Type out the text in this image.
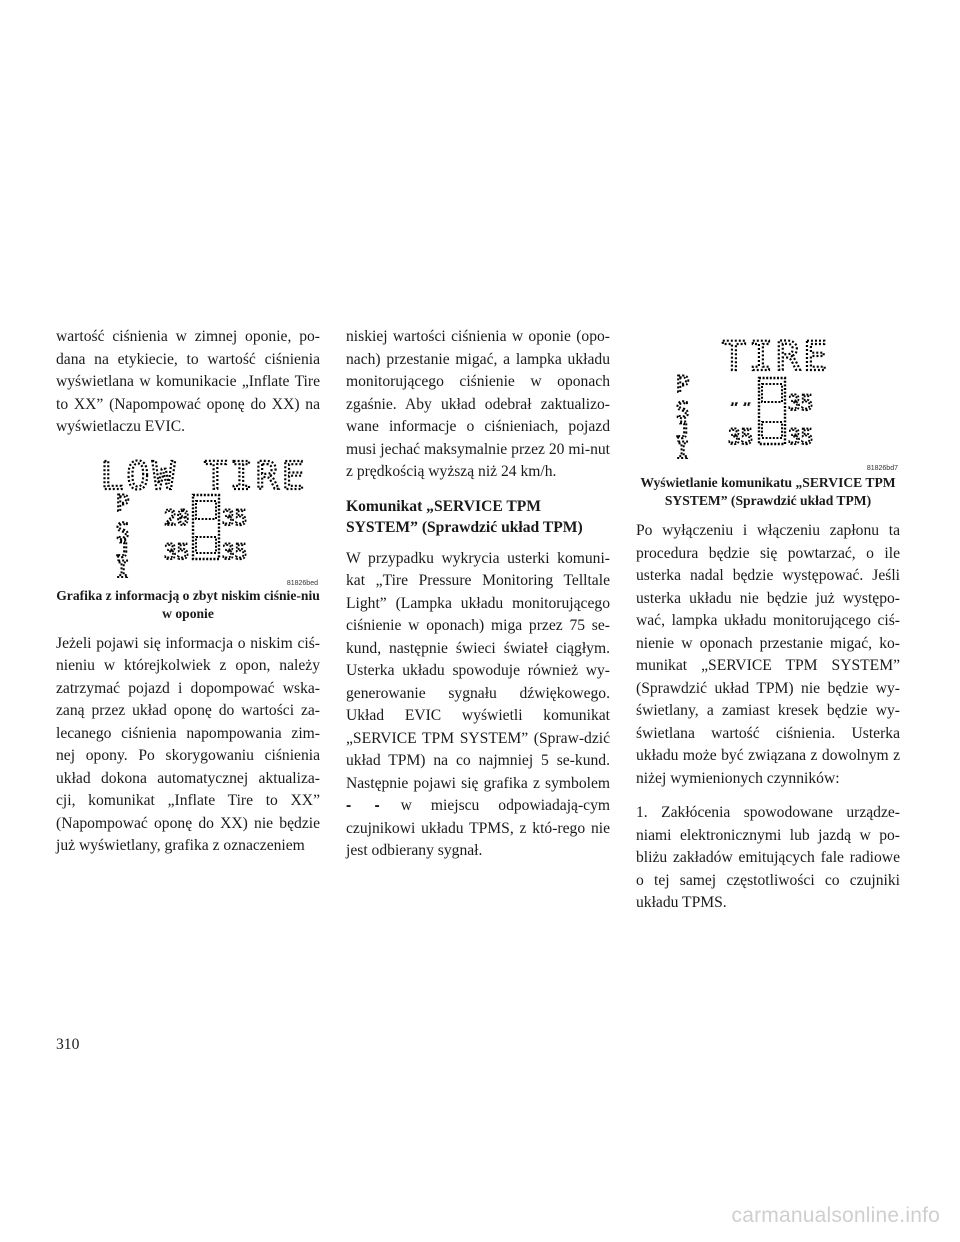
wartość ciśnienia w zimnej oponie, po-dana na etykiecie, to wartość ciśnienia wyświetlana w komunikacie „Inflate Tire to XX” (Napompować oponę do XX) na wyświetlaczu EVIC.

LOW TIRE
P
S
J
I
20 35
35 35
81826bed
Grafika z informacją o zbyt niskim ciśnie-niu w oponie

Jeżeli pojawi się informacja o niskim ciś-nieniu w którejkolwiek z opon, należy zatrzymać pojazd i dopompować wska-zaną przez układ oponę do wartości za-lecanego ciśnienia napompowania zim-nej opony. Po skorygowaniu ciśnienia układ dokona automatycznej aktualiza-cji, komunikat „Inflate Tire to XX” (Napompować oponę do XX) nie będzie już wyświetlany, grafika z oznaczeniem

niskiej wartości ciśnienia w oponie (opo-nach) przestanie migać, a lampka układu monitorującego ciśnienie w oponach zgaśnie. Aby układ odebrał zaktualizo-wane informacje o ciśnieniach, pojazd musi jechać maksymalnie przez 20 mi-nut z prędkością wyższą niż 24 km/h.

Komunikat „SERVICE TPM SYSTEM” (Sprawdzić układ TPM)

W przypadku wykrycia usterki komuni-kat „Tire Pressure Monitoring Telltale Light” (Lampka układu monitorującego ciśnienie w oponach) miga przez 75 se-kund, następnie świeci świateł ciągłym. Usterka układu spowoduje również wy-generowanie sygnału dźwiękowego. Układ EVIC wyświetli komunikat „SERVICE TPM SYSTEM” (Spraw-dzić układ TPM) na co najmniej 5 se-kund. Następnie pojawi się grafika z symbolem - - w miejscu odpowiadają-cym czujnikowi układu TPMS, z któ-rego nie jest odbierany sygnał.

TIRE
P
S
J
I
-- 35
35 35
81826bd7
Wyświetlanie komunikatu „SERVICE TPM SYSTEM” (Sprawdzić układ TPM)

Po wyłączeniu i włączeniu zapłonu ta procedura będzie się powtarzać, o ile usterka nadal będzie występować. Jeśli usterka układu nie będzie już występo-wać, lampka układu monitorującego ciś-nienie w oponach przestanie migać, ko-munikat „SERVICE TPM SYSTEM” (Sprawdzić układ TPM) nie będzie wy-świetlany, a zamiast kresek będzie wy-świetlana wartość ciśnienia. Usterka układu może być związana z dowolnym z niżej wymienionych czynników:

1. Zakłócenia spowodowane urządze-niami elektronicznymi lub jazdą w po-bliżu zakładów emitujących fale radiowe o tej samej częstotliwości co czujniki układu TPMS.

310
carmanualsonline.info
